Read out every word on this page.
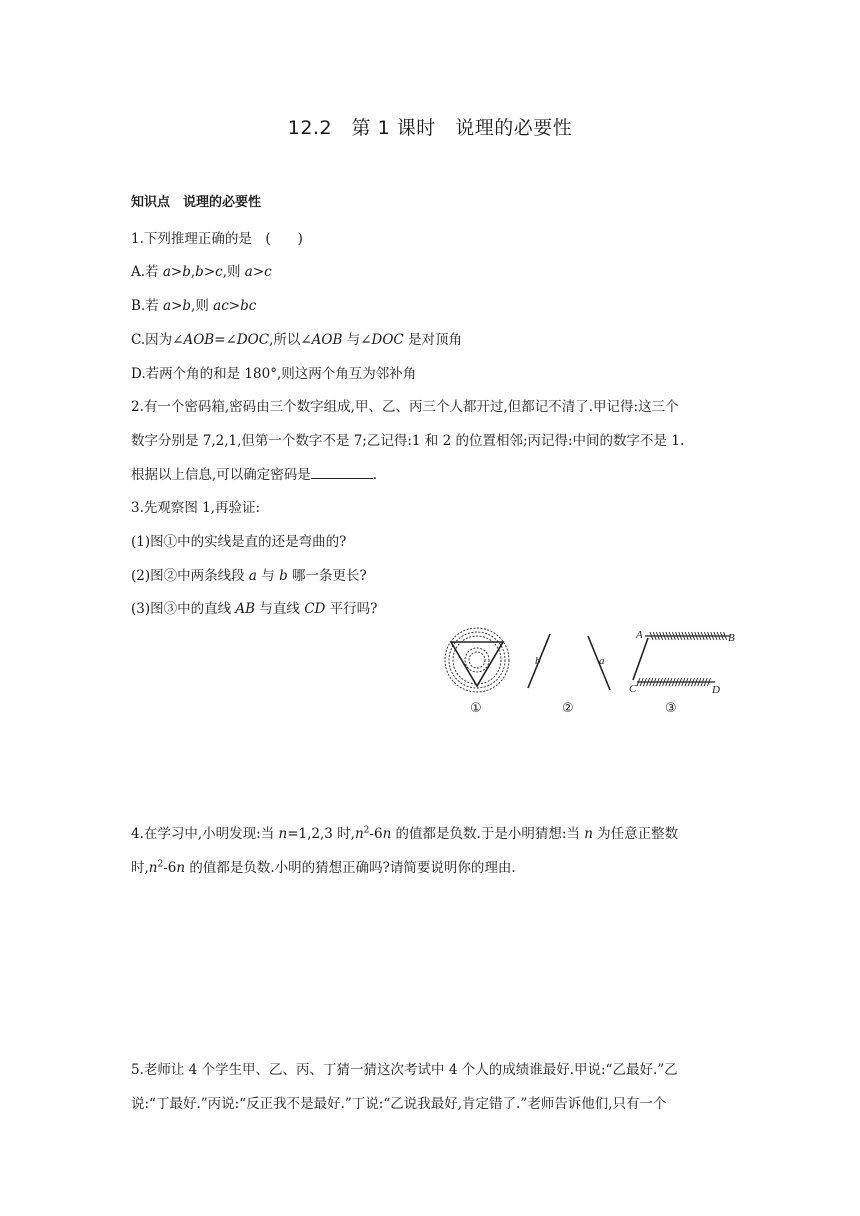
12.2　第 1 课时　说理的必要性
知识点　说理的必要性
1.下列推理正确的是　(　　)
A.若 a>b,b>c,则 a>c
B.若 a>b,则 ac>bc
C.因为∠AOB=∠DOC,所以∠AOB 与∠DOC 是对顶角
D.若两个角的和是 180°,则这两个角互为邻补角
2.有一个密码箱,密码由三个数字组成,甲、乙、丙三个人都开过,但都记不清了.甲记得:这三个
数字分别是 7,2,1,但第一个数字不是 7;乙记得:1 和 2 的位置相邻;丙记得:中间的数字不是 1.
根据以上信息,可以确定密码是	.
3.先观察图 1,再验证:
(1)图①中的实线是直的还是弯曲的?
(2)图②中两条线段 a 与 b 哪一条更长?
(3)图③中的直线 AB 与直线 CD 平行吗?
b	a
A	B
C	D
①	②	③
4.在学习中,小明发现:当 n=1,2,3 时$,n^2-6n$ 的值都是负数.于是小明猜想:当 n 为任意正整数
时$,n^2-6n$ 的值都是负数.小明的猜想正确吗?请简要说明你的理由.
5.老师让 4 个学生甲、乙、丙、丁猜一猜这次考试中 4 个人的成绩谁最好.甲说:“乙最好.”乙
说:“丁最好.”丙说:“反正我不是最好.”丁说:“乙说我最好,肯定错了.”老师告诉他们,只有一个
